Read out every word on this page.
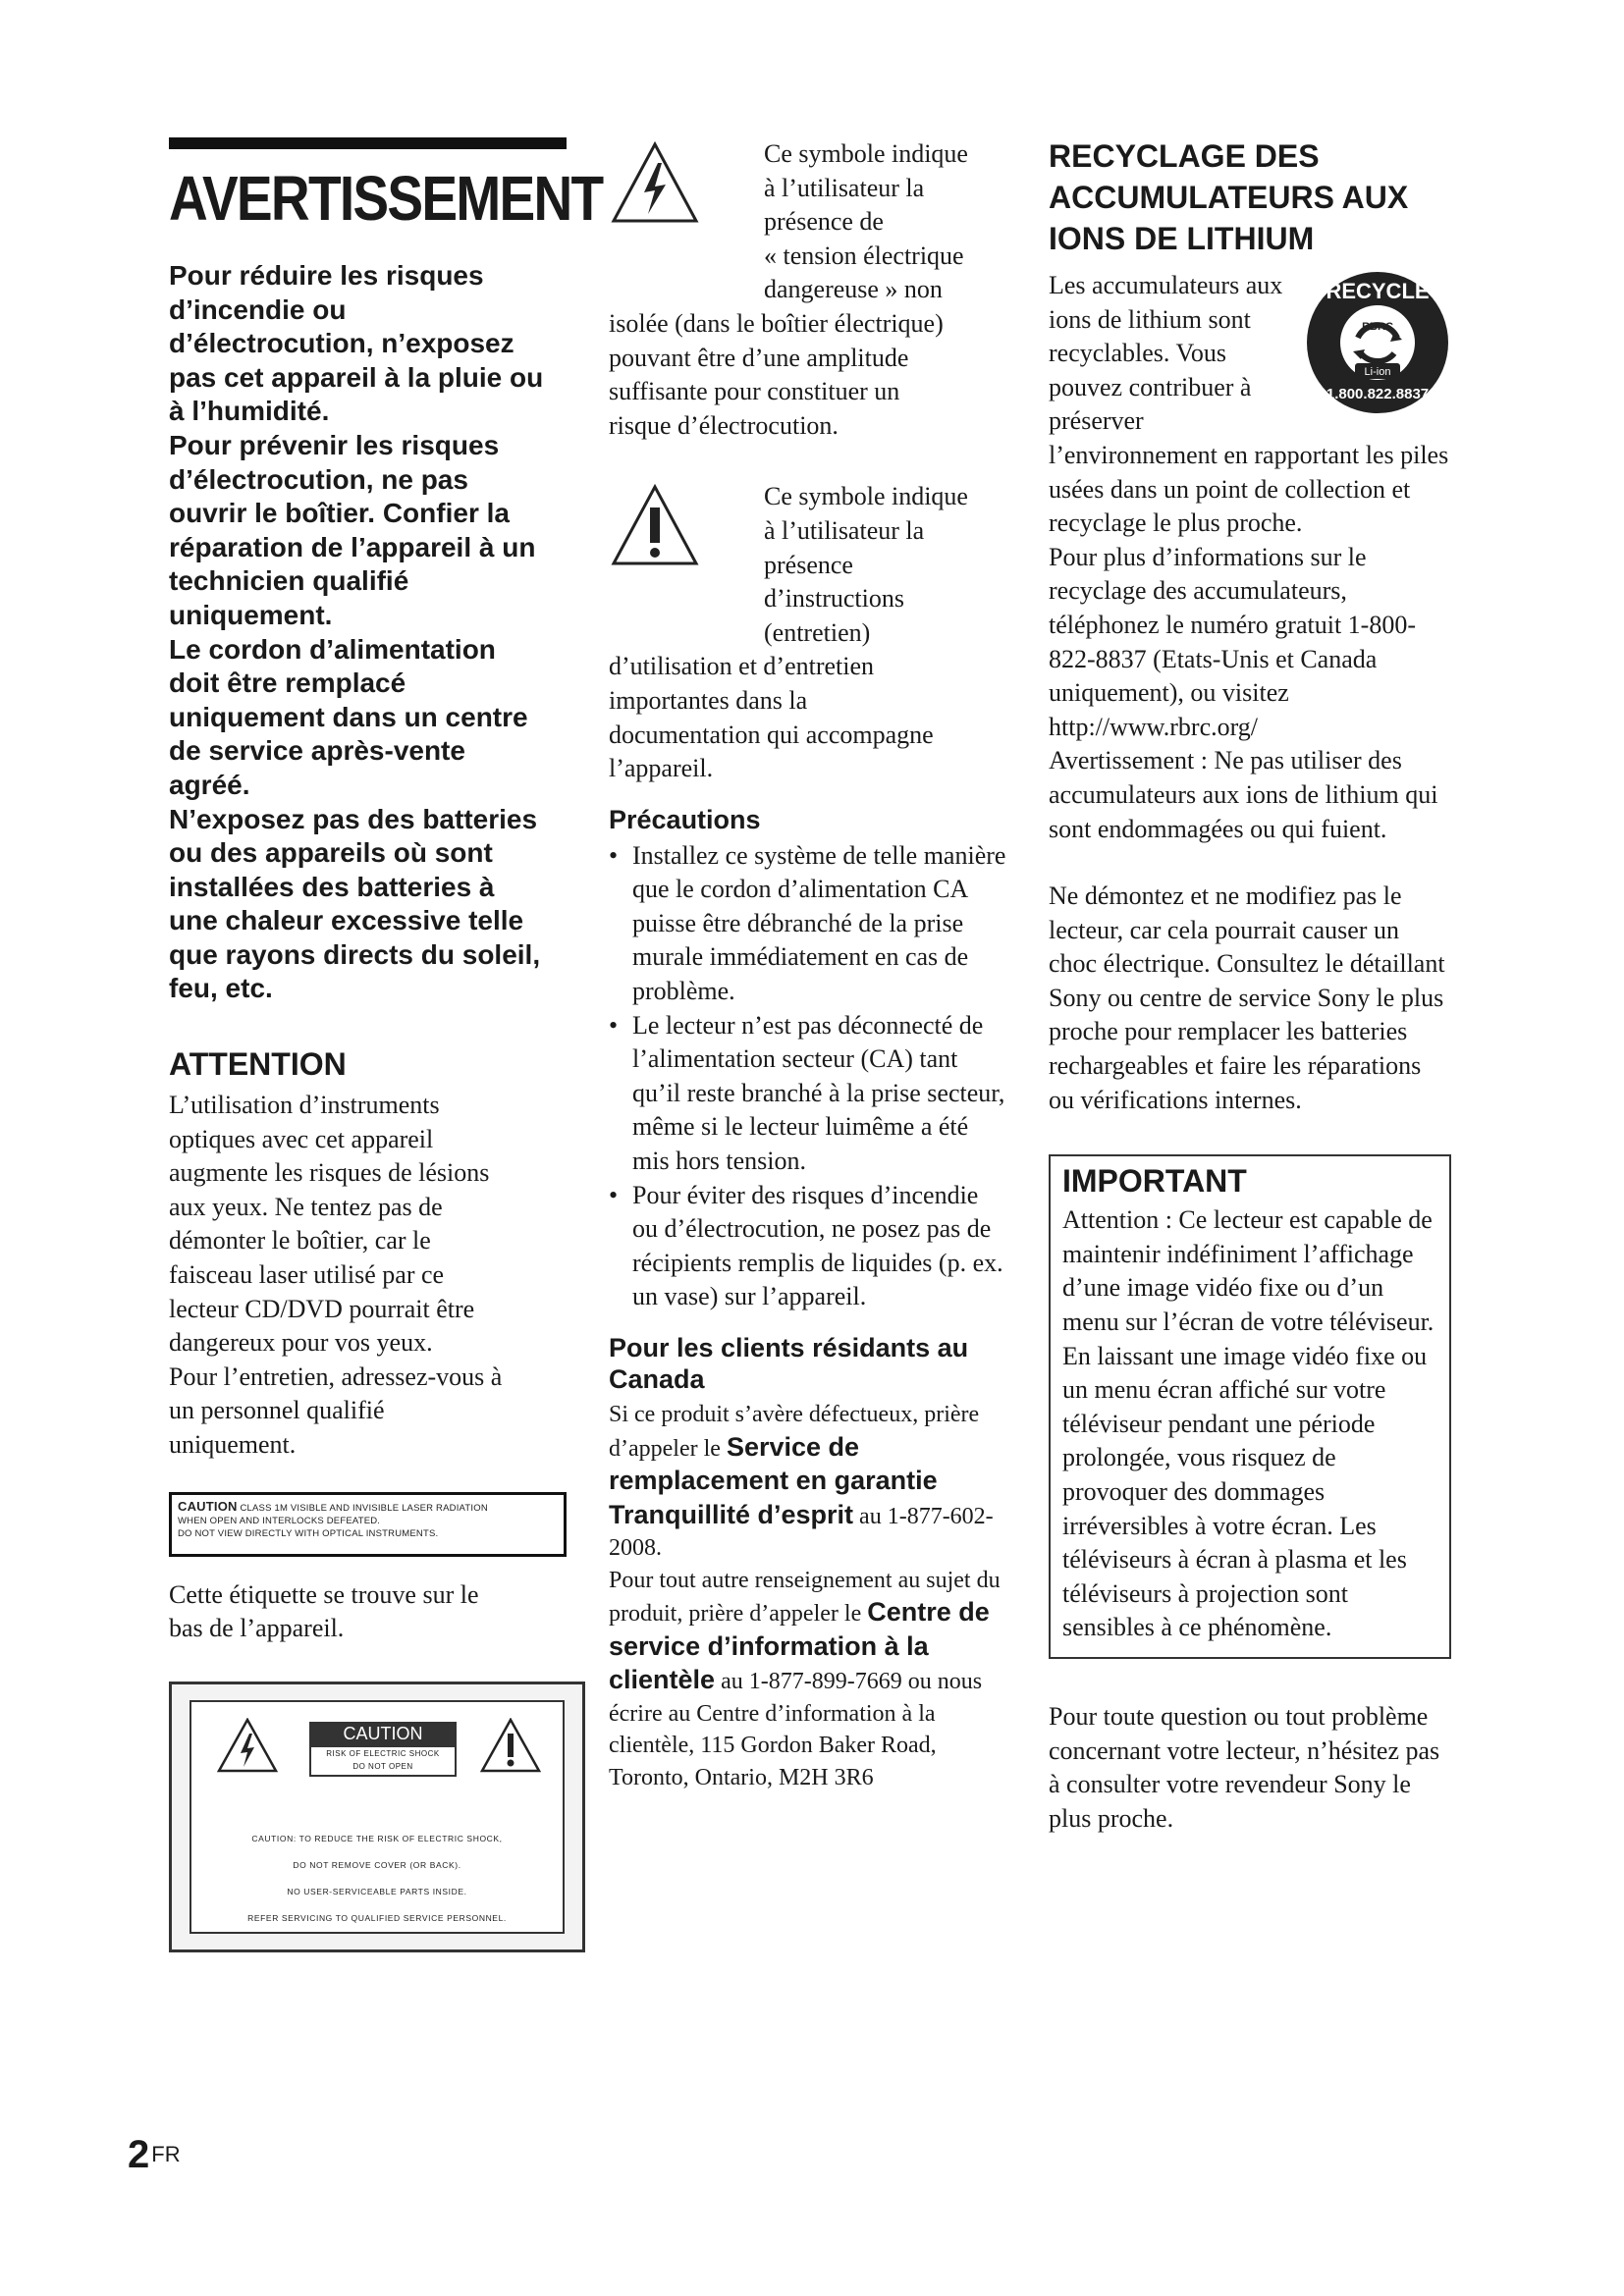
AVERTISSEMENT
Pour réduire les risques
d’incendie ou
d’électrocution, n’exposez
pas cet appareil à la pluie ou
à l’humidité.
Pour prévenir les risques
d’électrocution, ne pas
ouvrir le boîtier. Confier la
réparation de l’appareil à un
technicien qualifié
uniquement.
Le cordon d’alimentation
doit être remplacé
uniquement dans un centre
de service après-vente
agréé.
N’exposez pas des batteries
ou des appareils où sont
installées des batteries à
une chaleur excessive telle
que rayons directs du soleil,
feu, etc.
ATTENTION
L’utilisation d’instruments
optiques avec cet appareil
augmente les risques de lésions
aux yeux. Ne tentez pas de
démonter le boîtier, car le
faisceau laser utilisé par ce
lecteur CD/DVD pourrait être
dangereux pour vos yeux.
Pour l’entretien, adressez-vous à
un personnel qualifié
uniquement.
CAUTION CLASS 1M VISIBLE AND INVISIBLE LASER RADIATION
WHEN OPEN AND INTERLOCKS DEFEATED.
DO NOT VIEW DIRECTLY WITH OPTICAL INSTRUMENTS.
Cette étiquette se trouve sur le
bas de l’appareil.
CAUTION
RISK OF ELECTRIC SHOCK
DO NOT OPEN
CAUTION: TO REDUCE THE RISK OF ELECTRIC SHOCK,
DO NOT REMOVE COVER (OR BACK).
NO USER-SERVICEABLE PARTS INSIDE.
REFER SERVICING TO QUALIFIED SERVICE PERSONNEL.
Ce symbole indique
à l’utilisateur la
présence de
« tension électrique
dangereuse » non
isolée (dans le boîtier électrique)
pouvant être d’une amplitude
suffisante pour constituer un
risque d’électrocution.
Ce symbole indique
à l’utilisateur la
présence
d’instructions
(entretien)
d’utilisation et d’entretien
importantes dans la
documentation qui accompagne
l’appareil.
Précautions
• Installez ce système de telle manière que le cordon d’alimentation CA puisse être débranché de la prise murale immédiatement en cas de problème.
• Le lecteur n’est pas déconnecté de l’alimentation secteur (CA) tant qu’il reste branché à la prise secteur, même si le lecteur luimême a été mis hors tension.
• Pour éviter des risques d’incendie ou d’électrocution, ne posez pas de récipients remplis de liquides (p. ex. un vase) sur l’appareil.
Pour les clients résidants au Canada

Si ce produit s’avère défectueux, prière d’appeler le Service de remplacement en garantie Tranquillité d’esprit au 1-877-602-2008.

Pour tout autre renseignement au sujet du produit, prière d’appeler le Centre de service d’information à la clientèle au 1-877-899-7669 ou nous écrire au Centre d’information à la clientèle, 115 Gordon Baker Road, Toronto, Ontario, M2H 3R6

RECYCLAGE DES
ACCUMULATEURS AUX
IONS DE LITHIUM
RECYCLE
RBRC
1.800.822.8837
Li-ion

Les accumulateurs aux ions de lithium sont recyclables. Vous pouvez contribuer à préserver l’environnement en rapportant les piles usées dans un point de collection et recyclage le plus proche.

Pour plus d’informations sur le recyclage des accumulateurs, téléphonez le numéro gratuit 1-800-822-8837 (Etats-Unis et Canada uniquement), ou visitez http://www.rbrc.org/

Avertissement : Ne pas utiliser des accumulateurs aux ions de lithium qui sont endommagées ou qui fuient.

Ne démontez et ne modifiez pas le lecteur, car cela pourrait causer un choc électrique. Consultez le détaillant Sony ou centre de service Sony le plus proche pour remplacer les batteries rechargeables et faire les réparations ou vérifications internes.

IMPORTANT

Attention : Ce lecteur est capable de maintenir indéfiniment l’affichage d’une image vidéo fixe ou d’un menu sur l’écran de votre téléviseur. En laissant une image vidéo fixe ou un menu écran affiché sur votre téléviseur pendant une période prolongée, vous risquez de provoquer des dommages irréversibles à votre écran. Les téléviseurs à écran à plasma et les téléviseurs à projection sont sensibles à ce phénomène.

Pour toute question ou tout problème concernant votre lecteur, n’hésitez pas à consulter votre revendeur Sony le plus proche.

$2^{FR}$
